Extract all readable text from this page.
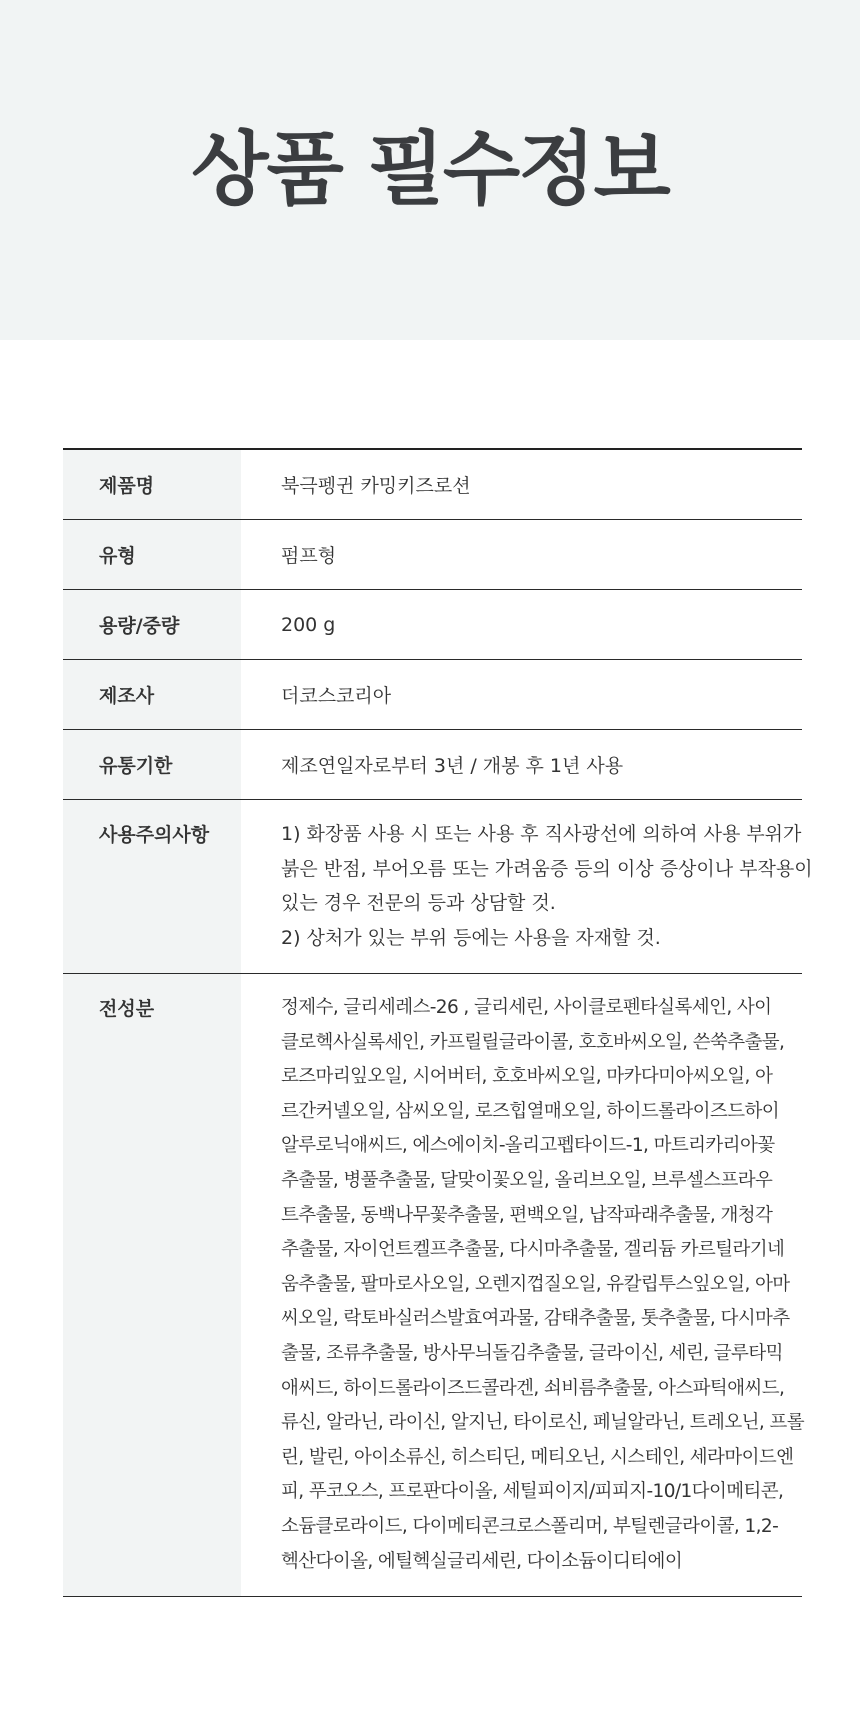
상품 필수정보
제품명	북극펭귄 카밍키즈로션
유형	펌프형
용량/중량	200 g
제조사	더코스코리아
유통기한	제조연일자로부터 3년 / 개봉 후 1년 사용
사용주의사항	1) 화장품 사용 시 또는 사용 후 직사광선에 의하여 사용 부위가
붉은 반점, 부어오름 또는 가려움증 등의 이상 증상이나 부작용이
있는 경우 전문의 등과 상담할 것.
2) 상처가 있는 부위 등에는 사용을 자재할 것.
전성분	정제수, 글리세레스-26 , 글리세린, 사이클로펜타실록세인, 사이
클로헥사실록세인, 카프릴릴글라이콜, 호호바씨오일, 쓴쑥추출물,
로즈마리잎오일, 시어버터, 호호바씨오일, 마카다미아씨오일, 아
르간커넬오일, 삼씨오일, 로즈힙열매오일, 하이드롤라이즈드하이
알루로닉애씨드, 에스에이치-올리고펩타이드-1, 마트리카리아꽃
추출물, 병풀추출물, 달맞이꽃오일, 올리브오일, 브루셀스프라우
트추출물, 동백나무꽃추출물, 편백오일, 납작파래추출물, 개청각
추출물, 자이언트켈프추출물, 다시마추출물, 겔리듐 카르틸라기네
움추출물, 팔마로사오일, 오렌지껍질오일, 유칼립투스잎오일, 아마
씨오일, 락토바실러스발효여과물, 감태추출물, 톳추출물, 다시마추
출물, 조류추출물, 방사무늬돌김추출물, 글라이신, 세린, 글루타믹
애씨드, 하이드롤라이즈드콜라겐, 쇠비름추출물, 아스파틱애씨드,
류신, 알라닌, 라이신, 알지닌, 타이로신, 페닐알라닌, 트레오닌, 프롤
린, 발린, 아이소류신, 히스티딘, 메티오닌, 시스테인, 세라마이드엔
피, 푸코오스, 프로판다이올, 세틸피이지/피피지-10/1다이메티콘,
소듐클로라이드, 다이메티콘크로스폴리머, 부틸렌글라이콜, 1,2-
헥산다이올, 에틸헥실글리세린, 다이소듐이디티에이
